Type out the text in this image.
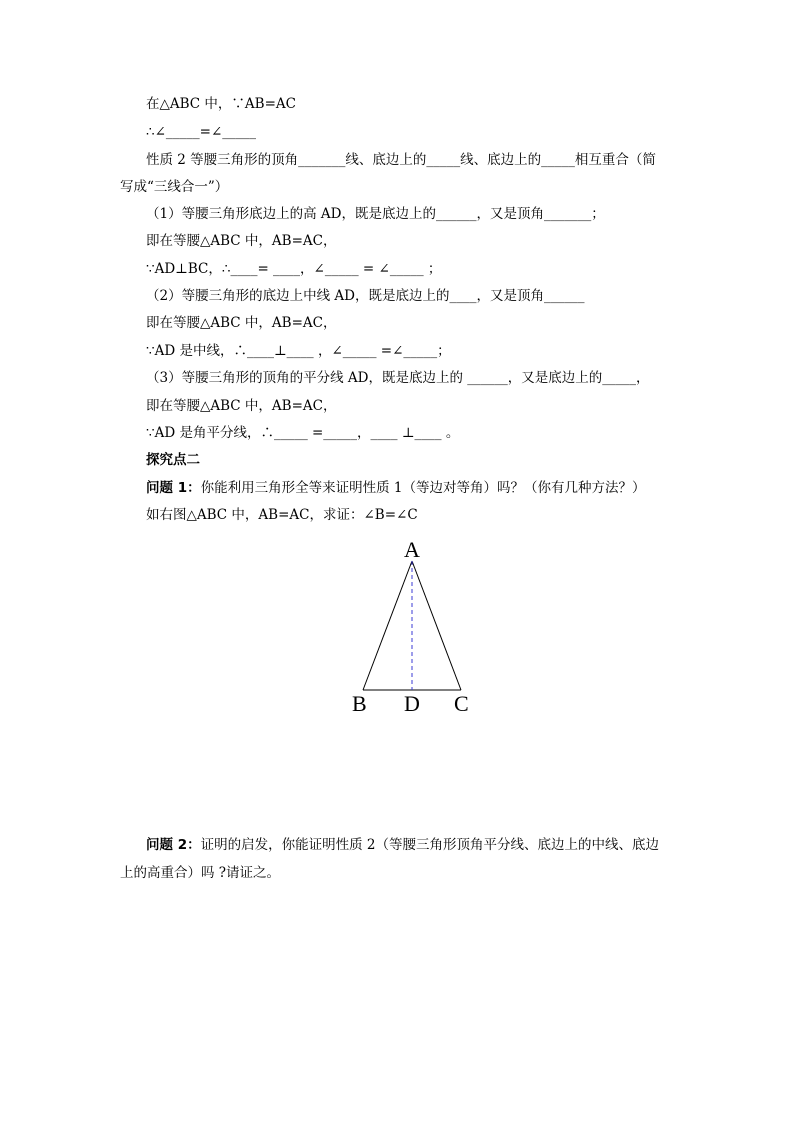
在△ABC 中，∵AB=AC
∴∠_____=∠_____
性质 2 等腰三角形的顶角_______线、底边上的_____线、底边上的_____相互重合（简
写成“三线合一”）
（1）等腰三角形底边上的高 AD，既是底边上的______，又是顶角_______；
即在等腰△ABC 中，AB=AC，
∵AD⊥BC，∴____= ____，∠_____ = ∠_____ ；
（2）等腰三角形的底边上中线 AD，既是底边上的____，又是顶角______
即在等腰△ABC 中，AB=AC，
∵AD 是中线，∴____⊥____ ，∠_____ =∠_____；
（3）等腰三角形的顶角的平分线 AD，既是底边上的 ______，又是底边上的_____，
即在等腰△ABC 中，AB=AC，
∵AD 是角平分线，∴_____ =_____，____ ⊥____ 。
探究点二
问题 1：你能利用三角形全等来证明性质 1（等边对等角）吗？（你有几种方法？）
如右图△ABC 中，AB=AC，求证：∠B=∠C
A
B D C
问题 2：证明的启发，你能证明性质 2（等腰三角形顶角平分线、底边上的中线、底边
上的高重合）吗 ?请证之。
